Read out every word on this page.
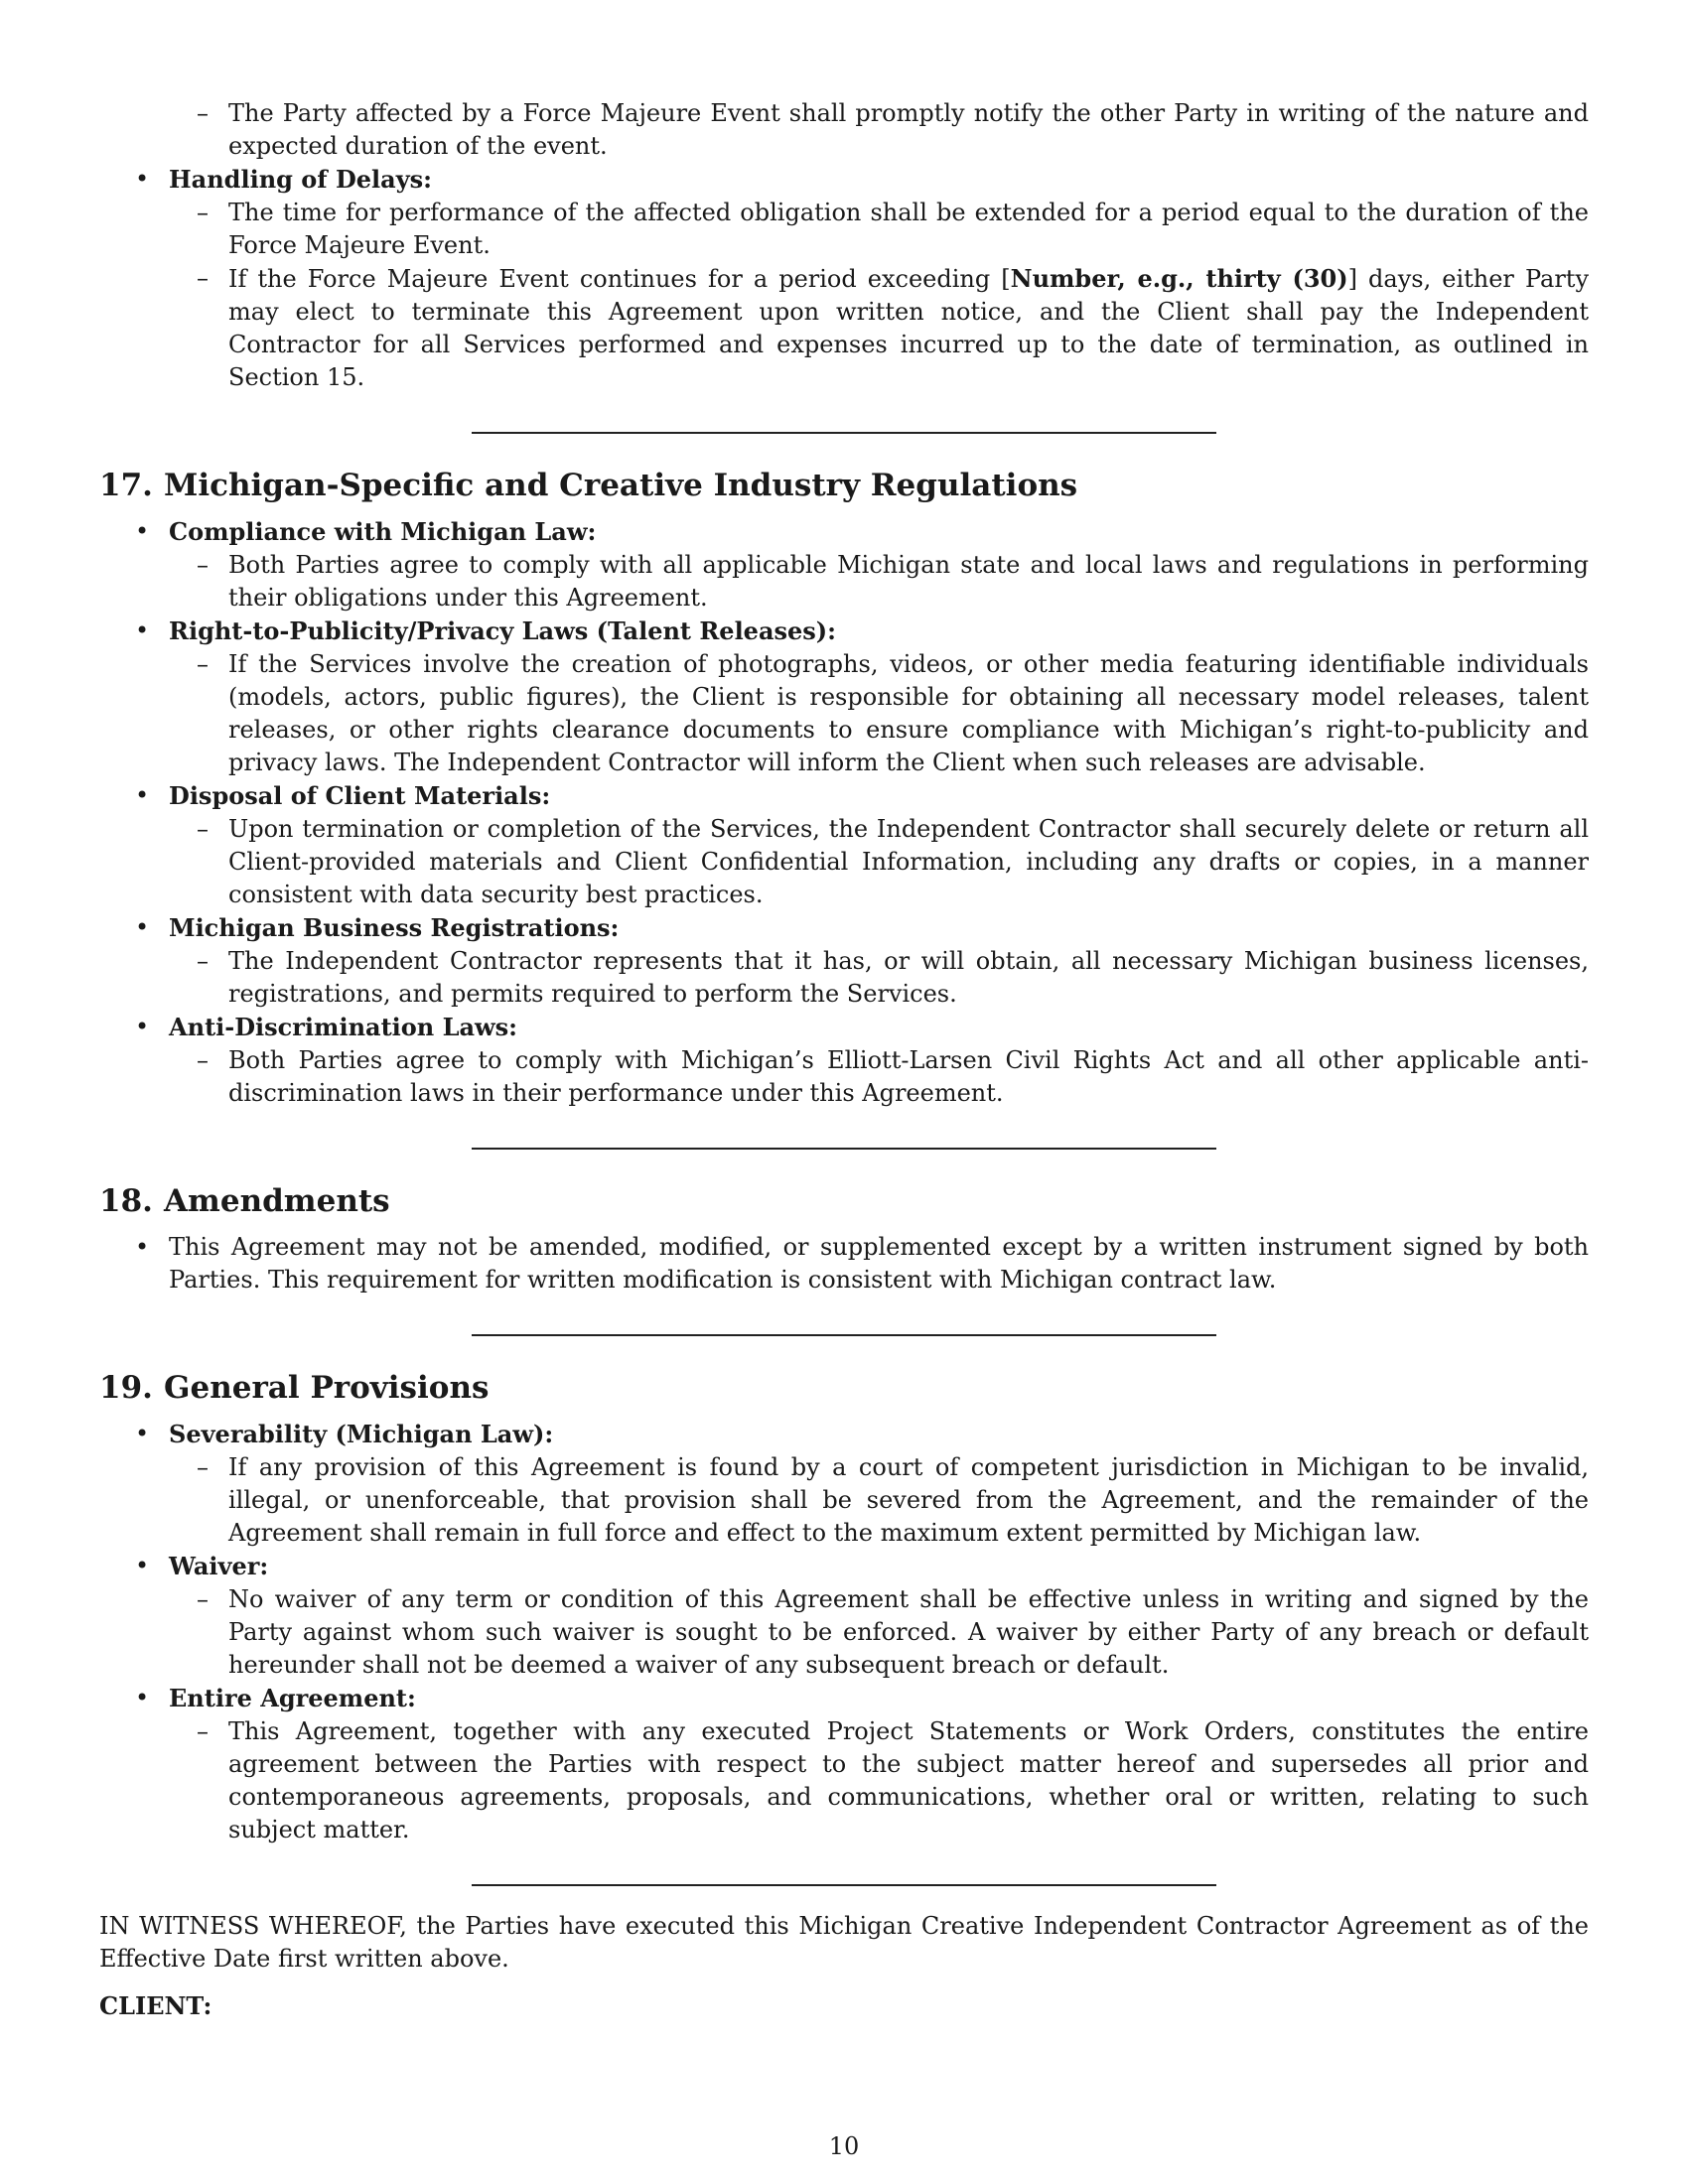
– The Party affected by a Force Majeure Event shall promptly notify the other Party in writing of the nature and expected duration of the event.
• Handling of Delays:
– The time for performance of the affected obligation shall be extended for a period equal to the duration of the Force Majeure Event.
– If the Force Majeure Event continues for a period exceeding [Number, e.g., thirty (30)] days, either Party may elect to terminate this Agreement upon written notice, and the Client shall pay the Independent Contractor for all Services performed and expenses incurred up to the date of termination, as outlined in Section 15.
17. Michigan-Specific and Creative Industry Regulations
• Compliance with Michigan Law:
– Both Parties agree to comply with all applicable Michigan state and local laws and regulations in performing their obligations under this Agreement.
• Right-to-Publicity/Privacy Laws (Talent Releases):
– If the Services involve the creation of photographs, videos, or other media featuring identifiable individuals (models, actors, public figures), the Client is responsible for obtaining all necessary model releases, talent releases, or other rights clearance documents to ensure compliance with Michigan’s right-to-publicity and privacy laws. The Independent Contractor will inform the Client when such releases are advisable.
• Disposal of Client Materials:
– Upon termination or completion of the Services, the Independent Contractor shall securely delete or return all Client-provided materials and Client Confidential Information, including any drafts or copies, in a manner consistent with data security best practices.
• Michigan Business Registrations:
– The Independent Contractor represents that it has, or will obtain, all necessary Michigan business licenses, registrations, and permits required to perform the Services.
• Anti-Discrimination Laws:
– Both Parties agree to comply with Michigan’s Elliott-Larsen Civil Rights Act and all other applicable anti-discrimination laws in their performance under this Agreement.
18. Amendments
• This Agreement may not be amended, modified, or supplemented except by a written instrument signed by both Parties. This requirement for written modification is consistent with Michigan contract law.
19. General Provisions
• Severability (Michigan Law):
– If any provision of this Agreement is found by a court of competent jurisdiction in Michigan to be invalid, illegal, or unenforceable, that provision shall be severed from the Agreement, and the remainder of the Agreement shall remain in full force and effect to the maximum extent permitted by Michigan law.
• Waiver:
– No waiver of any term or condition of this Agreement shall be effective unless in writing and signed by the Party against whom such waiver is sought to be enforced. A waiver by either Party of any breach or default hereunder shall not be deemed a waiver of any subsequent breach or default.
• Entire Agreement:
– This Agreement, together with any executed Project Statements or Work Orders, constitutes the entire agreement between the Parties with respect to the subject matter hereof and supersedes all prior and contemporaneous agreements, proposals, and communications, whether oral or written, relating to such subject matter.
IN WITNESS WHEREOF, the Parties have executed this Michigan Creative Independent Contractor Agreement as of the Effective Date first written above.
CLIENT:
10
